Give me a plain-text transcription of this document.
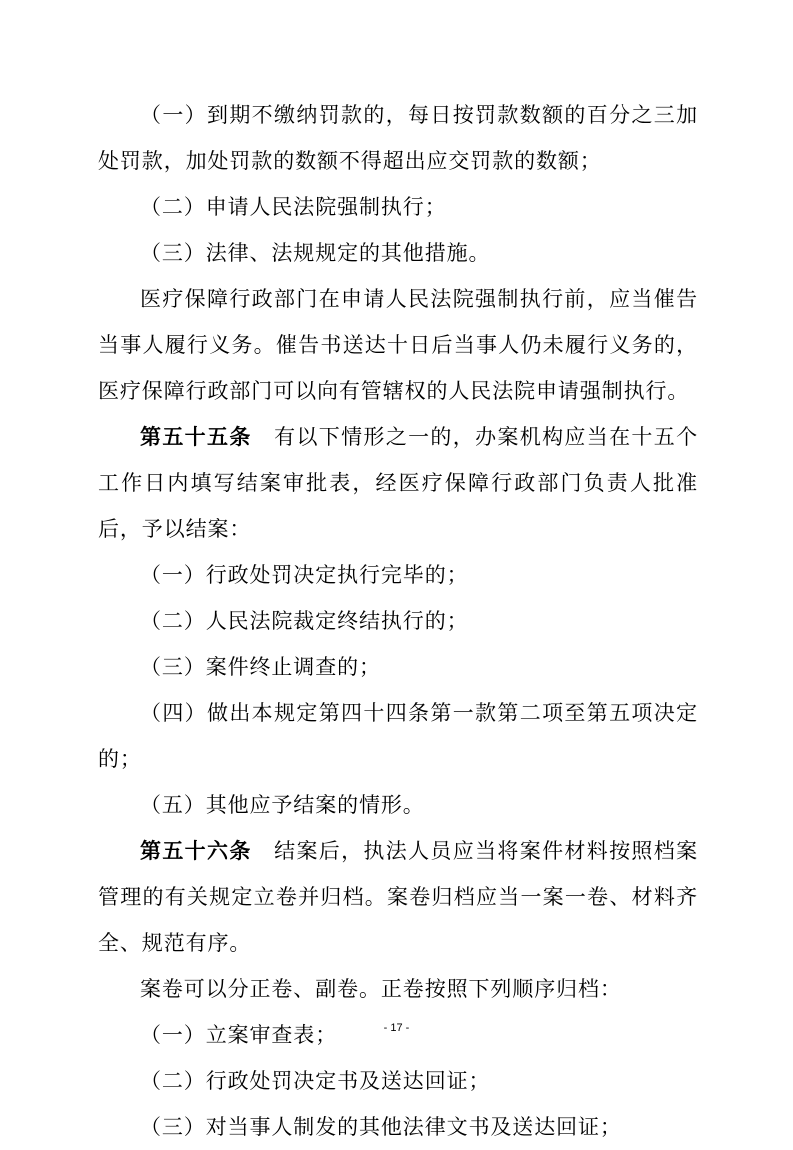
（一）到期不缴纳罚款的，每日按罚款数额的百分之三加处罚款，加处罚款的数额不得超出应交罚款的数额；

（二）申请人民法院强制执行；

（三）法律、法规规定的其他措施。

医疗保障行政部门在申请人民法院强制执行前，应当催告当事人履行义务。催告书送达十日后当事人仍未履行义务的，医疗保障行政部门可以向有管辖权的人民法院申请强制执行。

第五十五条 有以下情形之一的，办案机构应当在十五个工作日内填写结案审批表，经医疗保障行政部门负责人批准后，予以结案：

（一）行政处罚决定执行完毕的；

（二）人民法院裁定终结执行的；

（三）案件终止调查的；

（四）做出本规定第四十四条第一款第二项至第五项决定的；

（五）其他应予结案的情形。

第五十六条 结案后，执法人员应当将案件材料按照档案管理的有关规定立卷并归档。案卷归档应当一案一卷、材料齐全、规范有序。

案卷可以分正卷、副卷。正卷按照下列顺序归档：

（一）立案审查表；

（二）行政处罚决定书及送达回证；

（三）对当事人制发的其他法律文书及送达回证；

- 17 -
